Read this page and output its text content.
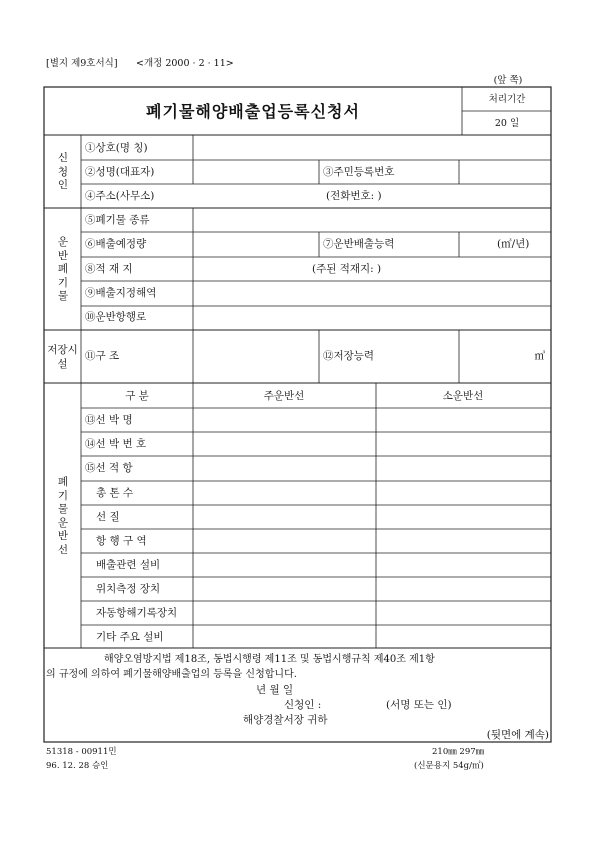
[별지 제9호서식] <개정 2000 · 2 · 11>
(앞 쪽)
폐기물해양배출업등록신청서
처리기간
20 일
신
청
인
①상호(명 칭)
②성명(대표자)	③주민등록번호
④주소(사무소)	(전화번호: )
운
반
폐
기
물
⑤폐기물 종류
⑥배출예정량	⑦운반배출능력	(㎥/년)
⑧적 재 지	(주된 적재지: )
⑨배출지정해역
⑩운반항행로
저장시
설
⑪구 조	⑫저장능력	㎥
폐
기
물
운
반
선
구 분	주운반선	소운반선
⑬선 박 명
⑭선 박 번 호
⑮선 적 항
총 톤 수
선 질
항 행 구 역
배출관련 설비
위치측정 장치
자동항해기록장치
기타 주요 설비
해양오염방지법 제18조, 동법시행령 제11조 및 동법시행규칙 제40조 제1항
의 규정에 의하여 폐기물해양배출업의 등록을 신청합니다.
년 월 일
신청인 :	(서명 또는 인)
해양경찰서장 귀하
(뒷면에 계속)
51318 - 00911민
96. 12. 28 승인
210㎜ 297㎜
(신문용지 54g/㎡)
